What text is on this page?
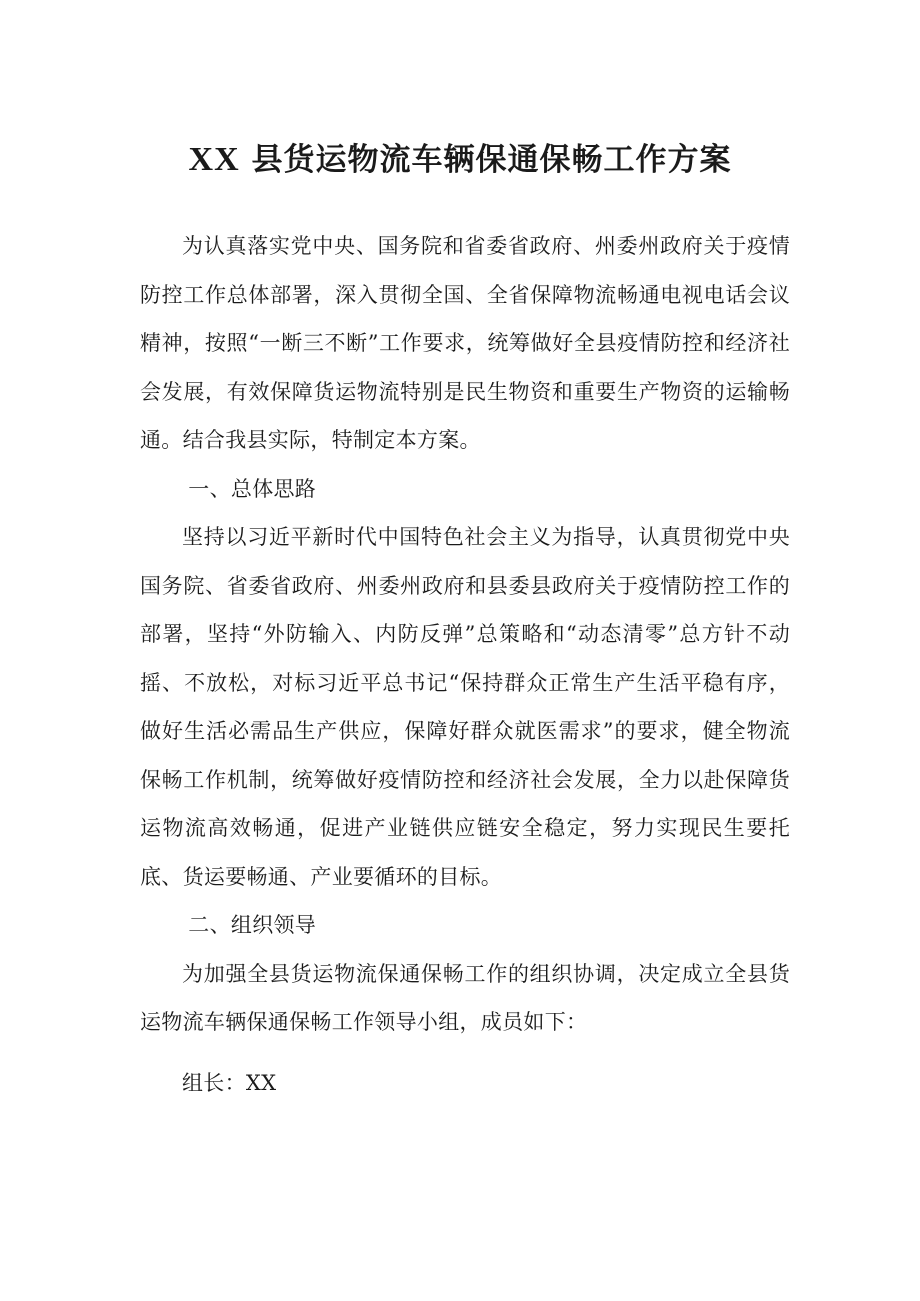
XX 县货运物流车辆保通保畅工作方案

为认真落实党中央、国务院和省委省政府、州委州政府关于疫情防控工作总体部署，深入贯彻全国、全省保障物流畅通电视电话会议精神，按照“一断三不断”工作要求，统筹做好全县疫情防控和经济社会发展，有效保障货运物流特别是民生物资和重要生产物资的运输畅通。结合我县实际，特制定本方案。

一、总体思路

坚持以习近平新时代中国特色社会主义为指导，认真贯彻党中央国务院、省委省政府、州委州政府和县委县政府关于疫情防控工作的部署，坚持“外防输入、内防反弹”总策略和“动态清零”总方针不动摇、不放松，对标习近平总书记“保持群众正常生产生活平稳有序，做好生活必需品生产供应，保障好群众就医需求”的要求，健全物流保畅工作机制，统筹做好疫情防控和经济社会发展，全力以赴保障货运物流高效畅通，促进产业链供应链安全稳定，努力实现民生要托底、货运要畅通、产业要循环的目标。

二、组织领导

为加强全县货运物流保通保畅工作的组织协调，决定成立全县货运物流车辆保通保畅工作领导小组，成员如下：

组长：XX
